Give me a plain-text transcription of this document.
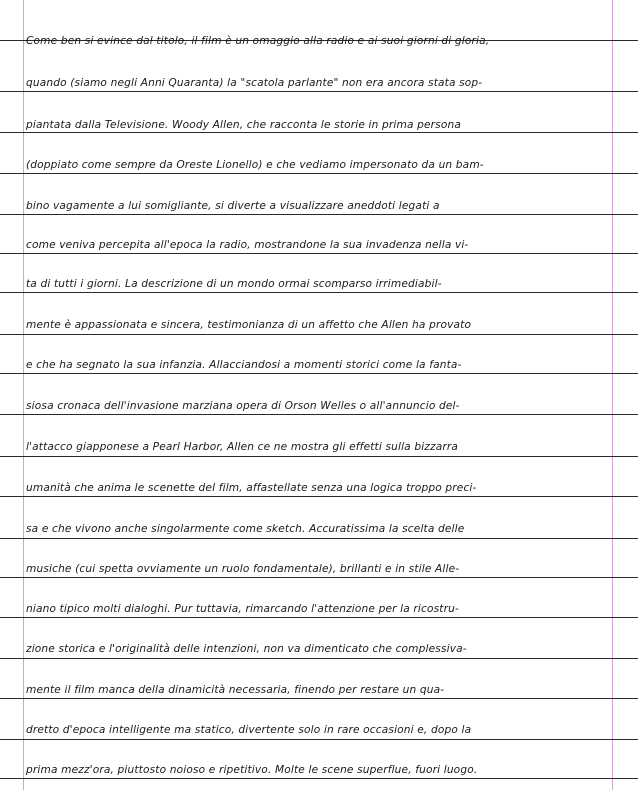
Come ben si evince dal titolo, il film è un omaggio alla radio e ai suoi giorni di gloria,
quando (siamo negli Anni Quaranta) la "scatola parlante" non era ancora stata sop-
piantata dalla Televisione. Woody Allen, che racconta le storie in prima persona
(doppiato come sempre da Oreste Lionello) e che vediamo impersonato da un bam-
bino vagamente a lui somigliante, si diverte a visualizzare aneddoti legati a
come veniva percepita all'epoca la radio, mostrandone la sua invadenza nella vi-
ta di tutti i giorni. La descrizione di un mondo ormai scomparso irrimediabil-
mente è appassionata e sincera, testimonianza di un affetto che Allen ha provato
e che ha segnato la sua infanzia. Allacciandosi a momenti storici come la fanta-
siosa cronaca dell'invasione marziana opera di Orson Welles o all'annuncio del-
l'attacco giapponese a Pearl Harbor, Allen ce ne mostra gli effetti sulla bizzarra
umanità che anima le scenette del film, affastellate senza una logica troppo preci-
sa e che vivono anche singolarmente come sketch. Accuratissima la scelta delle
musiche (cui spetta ovviamente un ruolo fondamentale), brillanti e in stile Alle-
niano tipico molti dialoghi. Pur tuttavia, rimarcando l'attenzione per la ricostru-
zione storica e l'originalità delle intenzioni, non va dimenticato che complessiva-
mente il film manca della dinamicità necessaria, finendo per restare un qua-
dretto d'epoca intelligente ma statico, divertente solo in rare occasioni e, dopo la
prima mezz'ora, piuttosto noioso e ripetitivo. Molte le scene superflue, fuori luogo.
